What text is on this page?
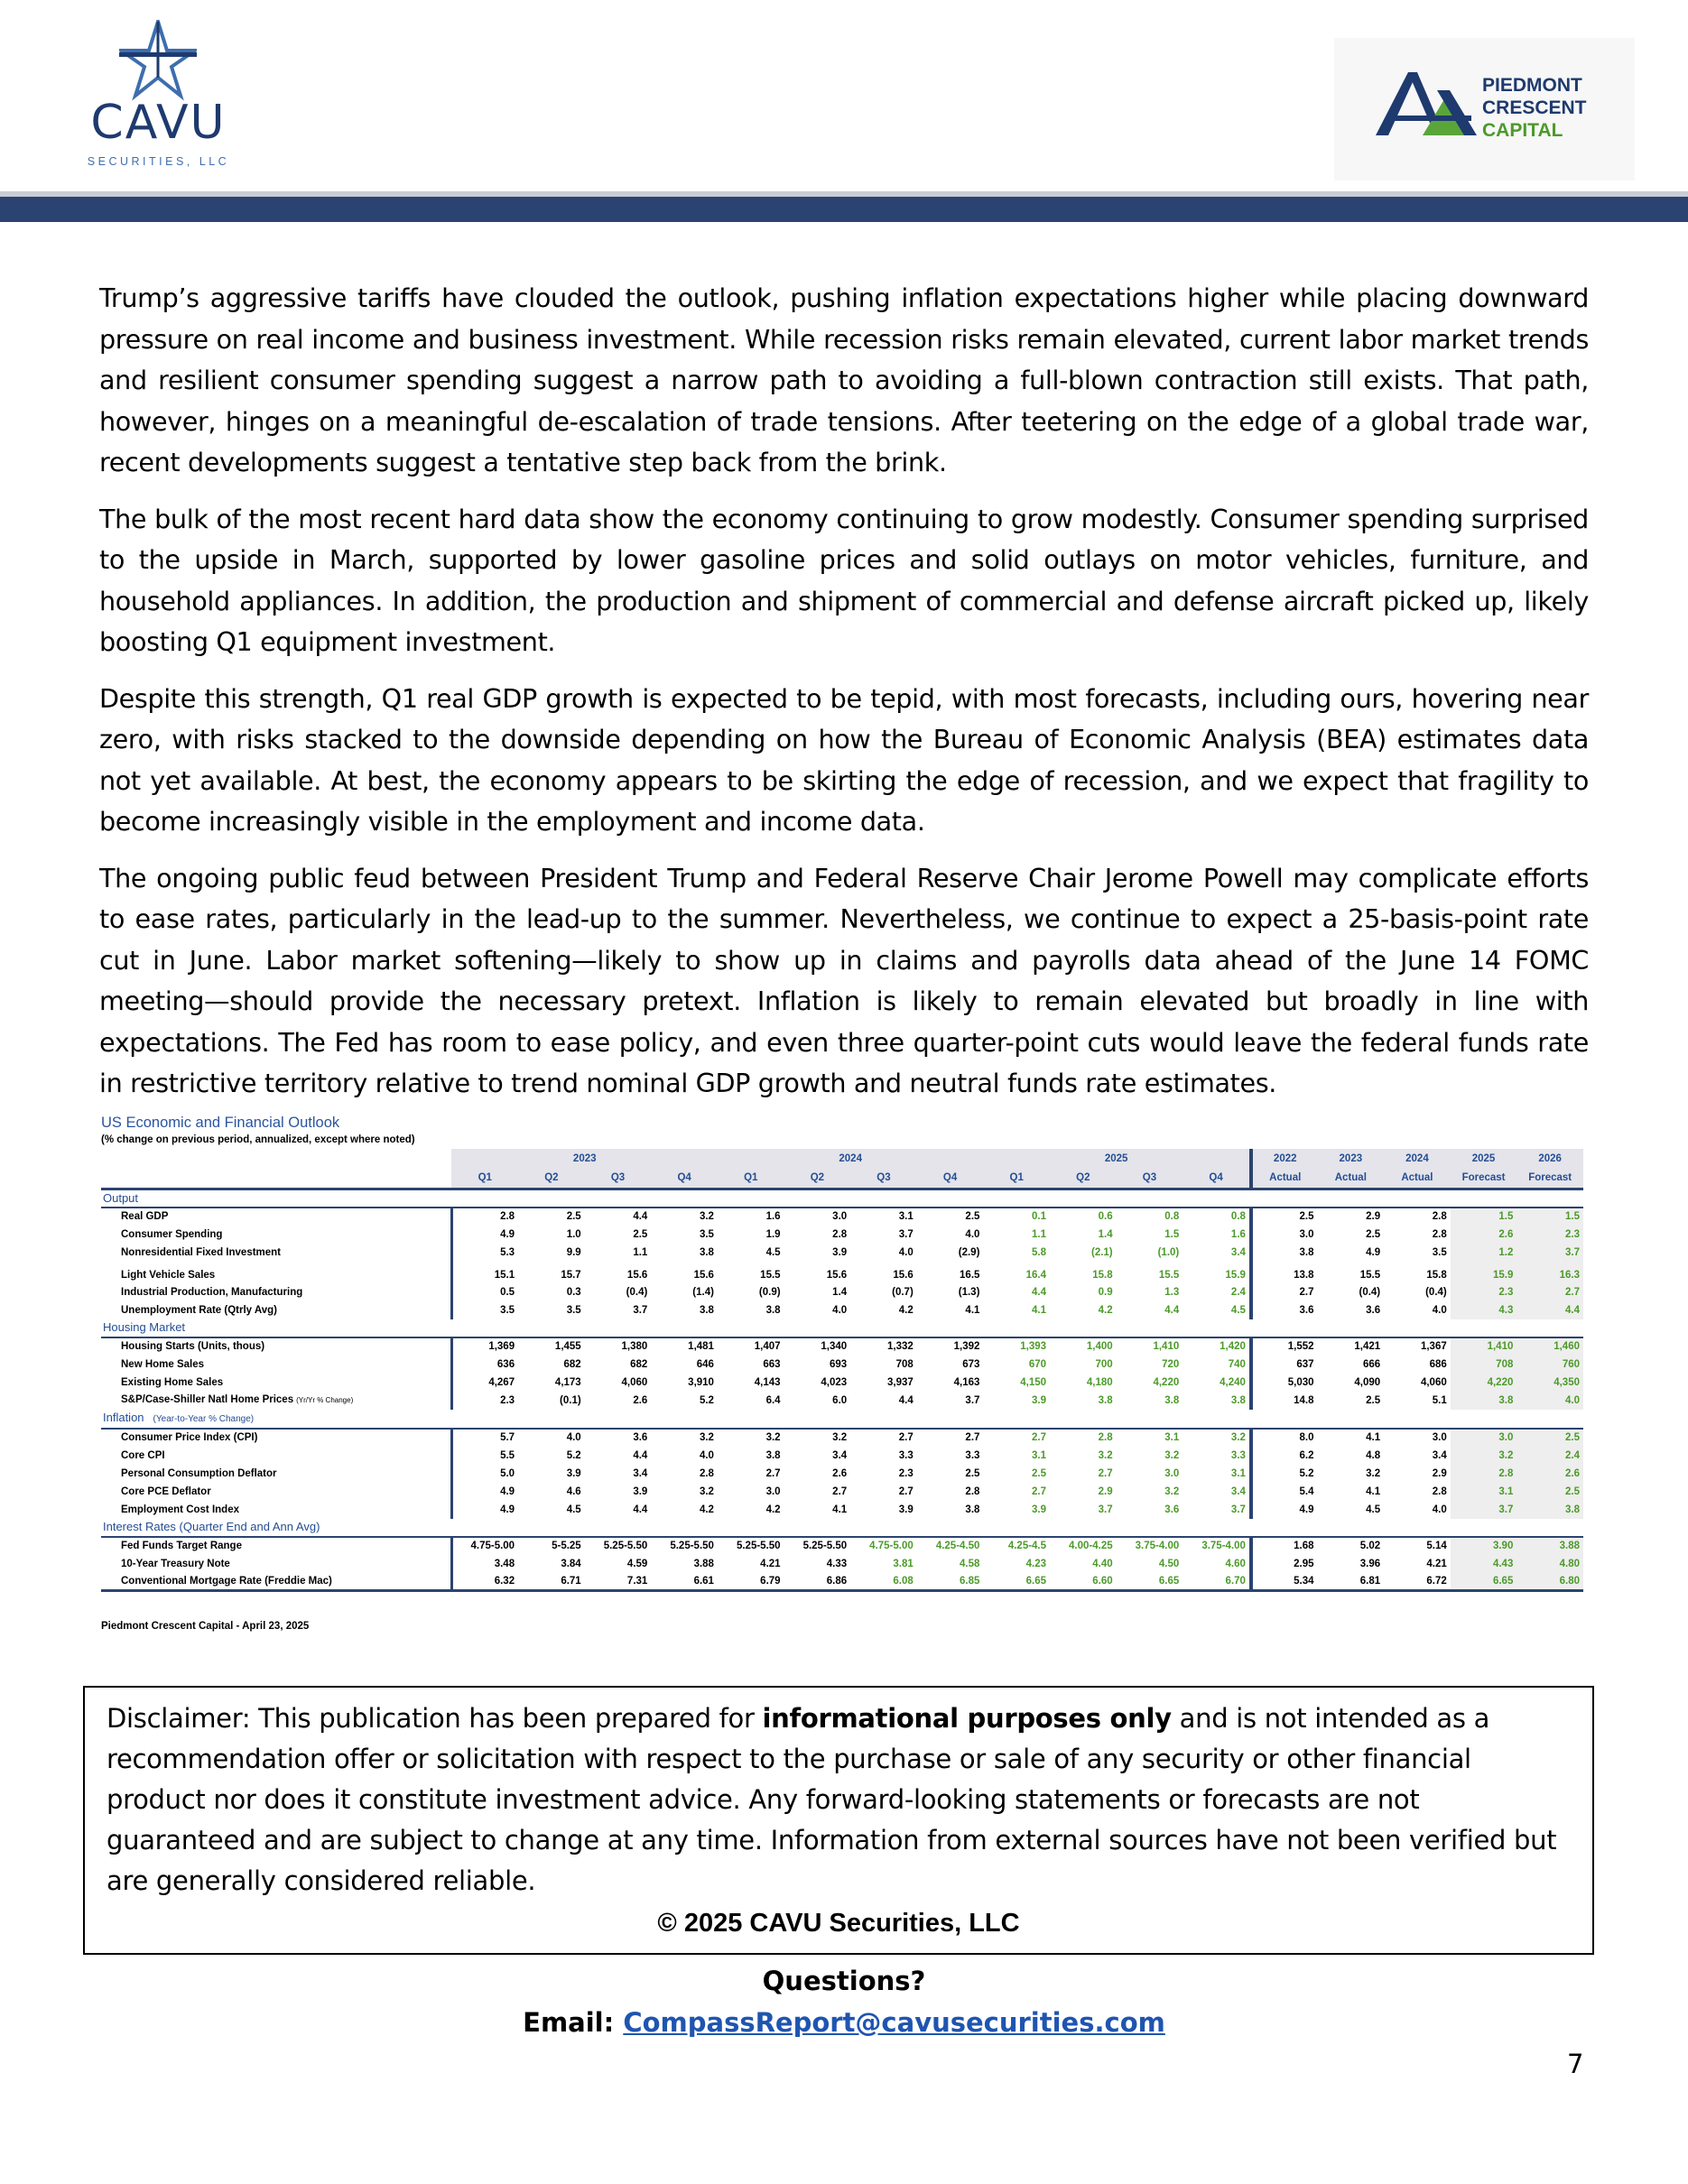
CAVU
SECURITIES, LLC
PIEDMONT
CRESCENT
CAPITAL

Trump’s aggressive tariffs have clouded the outlook, pushing inflation expectations higher while placing downward pressure on real income and business investment. While recession risks remain elevated, current labor market trends and resilient consumer spending suggest a narrow path to avoiding a full-blown contraction still exists. That path, however, hinges on a meaningful de-escalation of trade tensions. After teetering on the edge of a global trade war, recent developments suggest a tentative step back from the brink.

The bulk of the most recent hard data show the economy continuing to grow modestly. Consumer spending surprised to the upside in March, supported by lower gasoline prices and solid outlays on motor vehicles, furniture, and household appliances. In addition, the production and shipment of commercial and defense aircraft picked up, likely boosting Q1 equipment investment.

Despite this strength, Q1 real GDP growth is expected to be tepid, with most forecasts, including ours, hovering near zero, with risks stacked to the downside depending on how the Bureau of Economic Analysis (BEA) estimates data not yet available. At best, the economy appears to be skirting the edge of recession, and we expect that fragility to become increasingly visible in the employment and income data.

The ongoing public feud between President Trump and Federal Reserve Chair Jerome Powell may complicate efforts to ease rates, particularly in the lead-up to the summer. Nevertheless, we continue to expect a 25-basis-point rate cut in June. Labor market softening—likely to show up in claims and payrolls data ahead of the June 14 FOMC meeting—should provide the necessary pretext. Inflation is likely to remain elevated but broadly in line with expectations. The Fed has room to ease policy, and even three quarter-point cuts would leave the federal funds rate in restrictive territory relative to trend nominal GDP growth and neutral funds rate estimates.

US Economic and Financial Outlook
(% change on previous period, annualized, except where noted)
	2023				2024				2025				2022	2023	2024	2025	2026
	Q1	Q2	Q3	Q4	Q1	Q2	Q3	Q4	Q1	Q2	Q3	Q4	Actual	Actual	Actual	Forecast	Forecast
Output																	
Real GDP	2.8	2.5	4.4	3.2	1.6	3.0	3.1	2.5	0.1	0.6	0.8	0.8	2.5	2.9	2.8	1.5	1.5
Consumer Spending	4.9	1.0	2.5	3.5	1.9	2.8	3.7	4.0	1.1	1.4	1.5	1.6	3.0	2.5	2.8	2.6	2.3
Nonresidential Fixed Investment	5.3	9.9	1.1	3.8	4.5	3.9	4.0	(2.9)	5.8	(2.1)	(1.0)	3.4	3.8	4.9	3.5	1.2	3.7
Light Vehicle Sales	15.1	15.7	15.6	15.6	15.5	15.6	15.6	16.5	16.4	15.8	15.5	15.9	13.8	15.5	15.8	15.9	16.3
Industrial Production, Manufacturing	0.5	0.3	(0.4)	(1.4)	(0.9)	1.4	(0.7)	(1.3)	4.4	0.9	1.3	2.4	2.7	(0.4)	(0.4)	2.3	2.7
Unemployment Rate (Qtrly Avg)	3.5	3.5	3.7	3.8	3.8	4.0	4.2	4.1	4.1	4.2	4.4	4.5	3.6	3.6	4.0	4.3	4.4
Housing Market																	
Housing Starts (Units, thous)	1,369	1,455	1,380	1,481	1,407	1,340	1,332	1,392	1,393	1,400	1,410	1,420	1,552	1,421	1,367	1,410	1,460
New Home Sales	636	682	682	646	663	693	708	673	670	700	720	740	637	666	686	708	760
Existing Home Sales	4,267	4,173	4,060	3,910	4,143	4,023	3,937	4,163	4,150	4,180	4,220	4,240	5,030	4,090	4,060	4,220	4,350
S&P/Case-Shiller Natl Home Prices (Yr/Yr % Change)	2.3	(0.1)	2.6	5.2	6.4	6.0	4.4	3.7	3.9	3.8	3.8	3.8	14.8	2.5	5.1	3.8	4.0
Inflation (Year-to-Year % Change)																	
Consumer Price Index (CPI)	5.7	4.0	3.6	3.2	3.2	3.2	2.7	2.7	2.7	2.8	3.1	3.2	8.0	4.1	3.0	3.0	2.5
Core CPI	5.5	5.2	4.4	4.0	3.8	3.4	3.3	3.3	3.1	3.2	3.2	3.3	6.2	4.8	3.4	3.2	2.4
Personal Consumption Deflator	5.0	3.9	3.4	2.8	2.7	2.6	2.3	2.5	2.5	2.7	3.0	3.1	5.2	3.2	2.9	2.8	2.6
Core PCE Deflator	4.9	4.6	3.9	3.2	3.0	2.7	2.7	2.8	2.7	2.9	3.2	3.4	5.4	4.1	2.8	3.1	2.5
Employment Cost Index	4.9	4.5	4.4	4.2	4.2	4.1	3.9	3.8	3.9	3.7	3.6	3.7	4.9	4.5	4.0	3.7	3.8
Interest Rates (Quarter End and Ann Avg)																	
Fed Funds Target Range	4.75-5.00	5-5.25	5.25-5.50	5.25-5.50	5.25-5.50	5.25-5.50	4.75-5.00	4.25-4.50	4.25-4.5	4.00-4.25	3.75-4.00	3.75-4.00	1.68	5.02	5.14	3.90	3.88
10-Year Treasury Note	3.48	3.84	4.59	3.88	4.21	4.33	3.81	4.58	4.23	4.40	4.50	4.60	2.95	3.96	4.21	4.43	4.80
Conventional Mortgage Rate (Freddie Mac)	6.32	6.71	7.31	6.61	6.79	6.86	6.08	6.85	6.65	6.60	6.65	6.70	5.34	6.81	6.72	6.65	6.80
Piedmont Crescent Capital - April 23, 2025

Disclaimer: This publication has been prepared for informational purposes only and is not intended as a recommendation offer or solicitation with respect to the purchase or sale of any security or other financial product nor does it constitute investment advice. Any forward-looking statements or forecasts are not guaranteed and are subject to change at any time. Information from external sources have not been verified but are generally considered reliable.

© 2025 CAVU Securities, LLC
Questions?
Email: CompassReport@cavusecurities.com
7
